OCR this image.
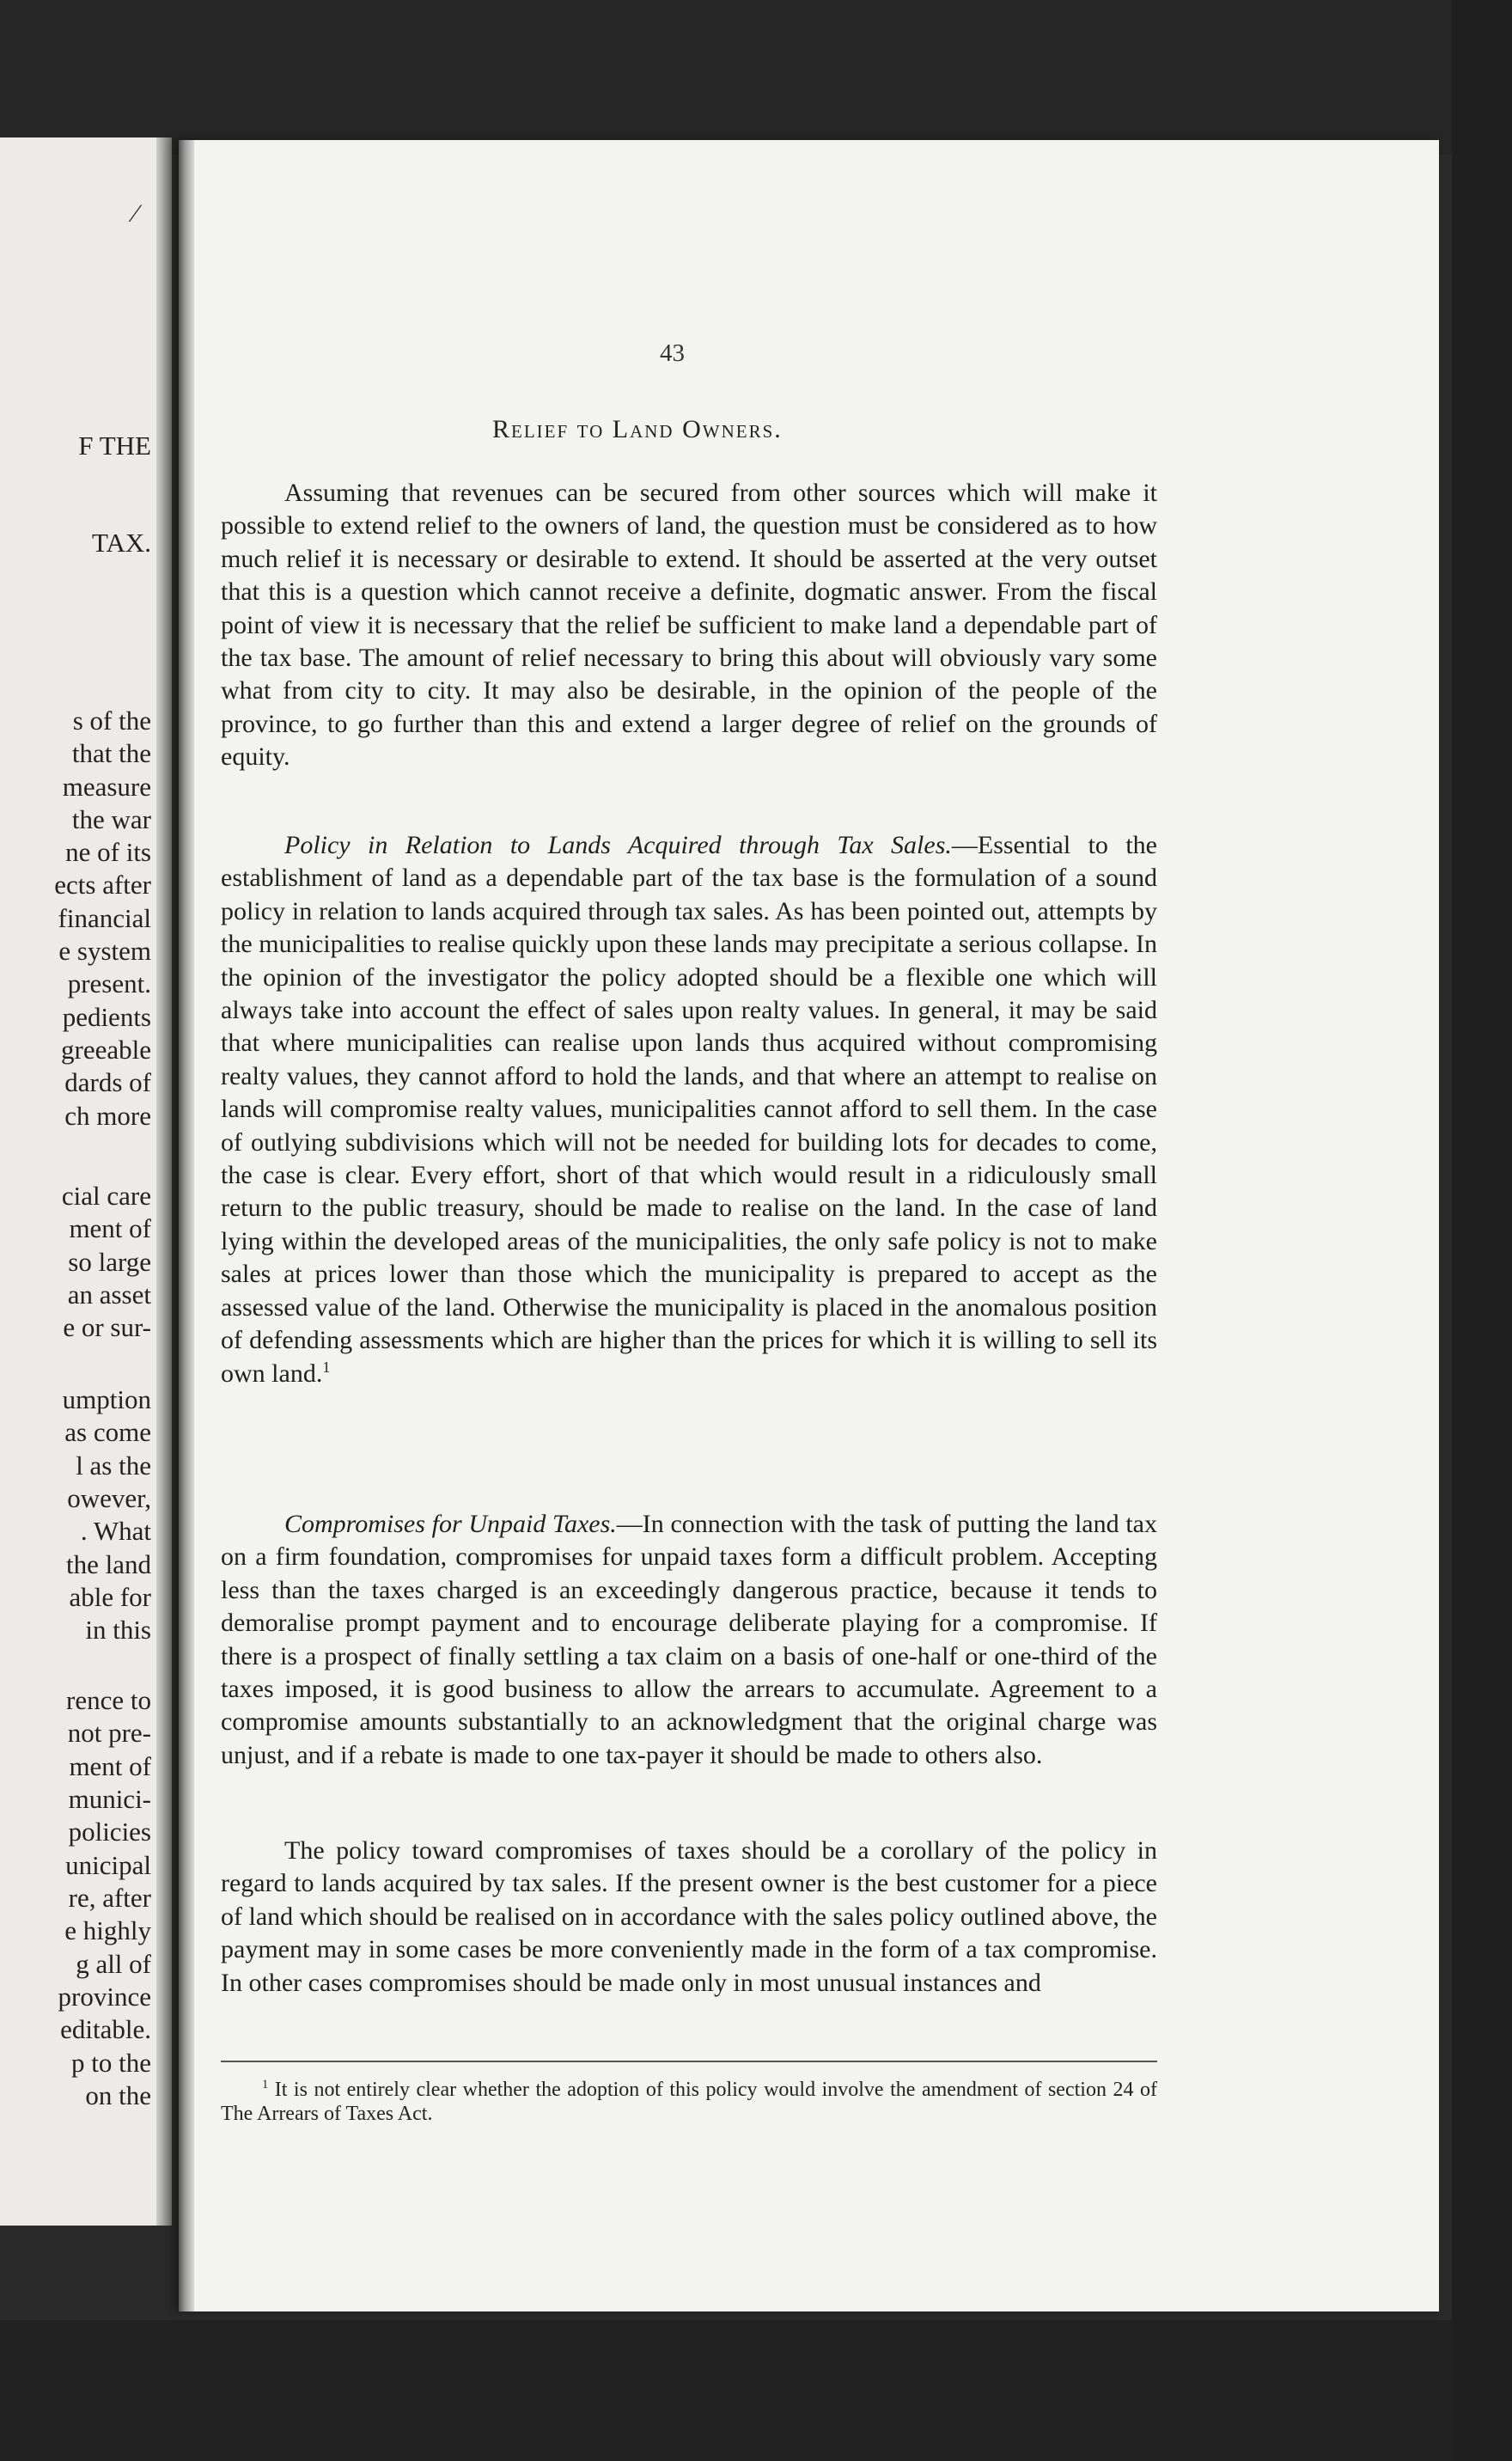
⁄
F THE
TAX.
s of the
that the
measure
the war
ne of its
ects after
financial
e system
present.
pedients
greeable
dards of
ch more
cial care
ment of
so large
an asset
e or sur-
umption
as come
l as the
owever,
. What
the land
able for
in this
rence to
not pre-
ment of
munici-
policies
unicipal
re, after
e highly
g all of
province
editable.
p to the
on the
43
Relief to Land Owners.

Assuming that revenues can be secured from other sources which will make it possible to extend relief to the owners of land, the question must be considered as to how much relief it is necessary or desirable to extend. It should be asserted at the very outset that this is a question which cannot receive a definite, dogmatic answer. From the fiscal point of view it is necessary that the relief be sufficient to make land a dependable part of the tax base. The amount of relief necessary to bring this about will obviously vary some what from city to city. It may also be desirable, in the opinion of the people of the province, to go further than this and extend a larger degree of relief on the grounds of equity.

Policy in Relation to Lands Acquired through Tax Sales.—Essential to the establishment of land as a dependable part of the tax base is the formulation of a sound policy in relation to lands acquired through tax sales. As has been pointed out, attempts by the municipalities to realise quickly upon these lands may precipitate a serious collapse. In the opinion of the investigator the policy adopted should be a flexible one which will always take into account the effect of sales upon realty values. In general, it may be said that where municipalities can realise upon lands thus acquired without compromising realty values, they cannot afford to hold the lands, and that where an attempt to realise on lands will compromise realty values, municipalities cannot afford to sell them. In the case of outlying subdivisions which will not be needed for building lots for decades to come, the case is clear. Every effort, short of that which would result in a ridiculously small return to the public treasury, should be made to realise on the land. In the case of land lying within the developed areas of the municipalities, the only safe policy is not to make sales at prices lower than those which the municipality is prepared to accept as the assessed value of the land. Otherwise the municipality is placed in the anomalous position of defending assessments which are higher than the prices for which it is willing to sell its own land.$^1$

Compromises for Unpaid Taxes.—In connection with the task of putting the land tax on a firm foundation, compromises for unpaid taxes form a difficult problem. Accepting less than the taxes charged is an exceedingly dangerous practice, because it tends to demoralise prompt payment and to encourage deliberate playing for a compromise. If there is a prospect of finally settling a tax claim on a basis of one-half or one-third of the taxes imposed, it is good business to allow the arrears to accumulate. Agreement to a compromise amounts substantially to an acknowledgment that the original charge was unjust, and if a rebate is made to one tax-payer it should be made to others also.

The policy toward compromises of taxes should be a corollary of the policy in regard to lands acquired by tax sales. If the present owner is the best customer for a piece of land which should be realised on in accordance with the sales policy outlined above, the payment may in some cases be more conveniently made in the form of a tax compromise. In other cases compromises should be made only in most unusual instances and

$^1$ It is not entirely clear whether the adoption of this policy would involve the amendment of section 24 of The Arrears of Taxes Act.
